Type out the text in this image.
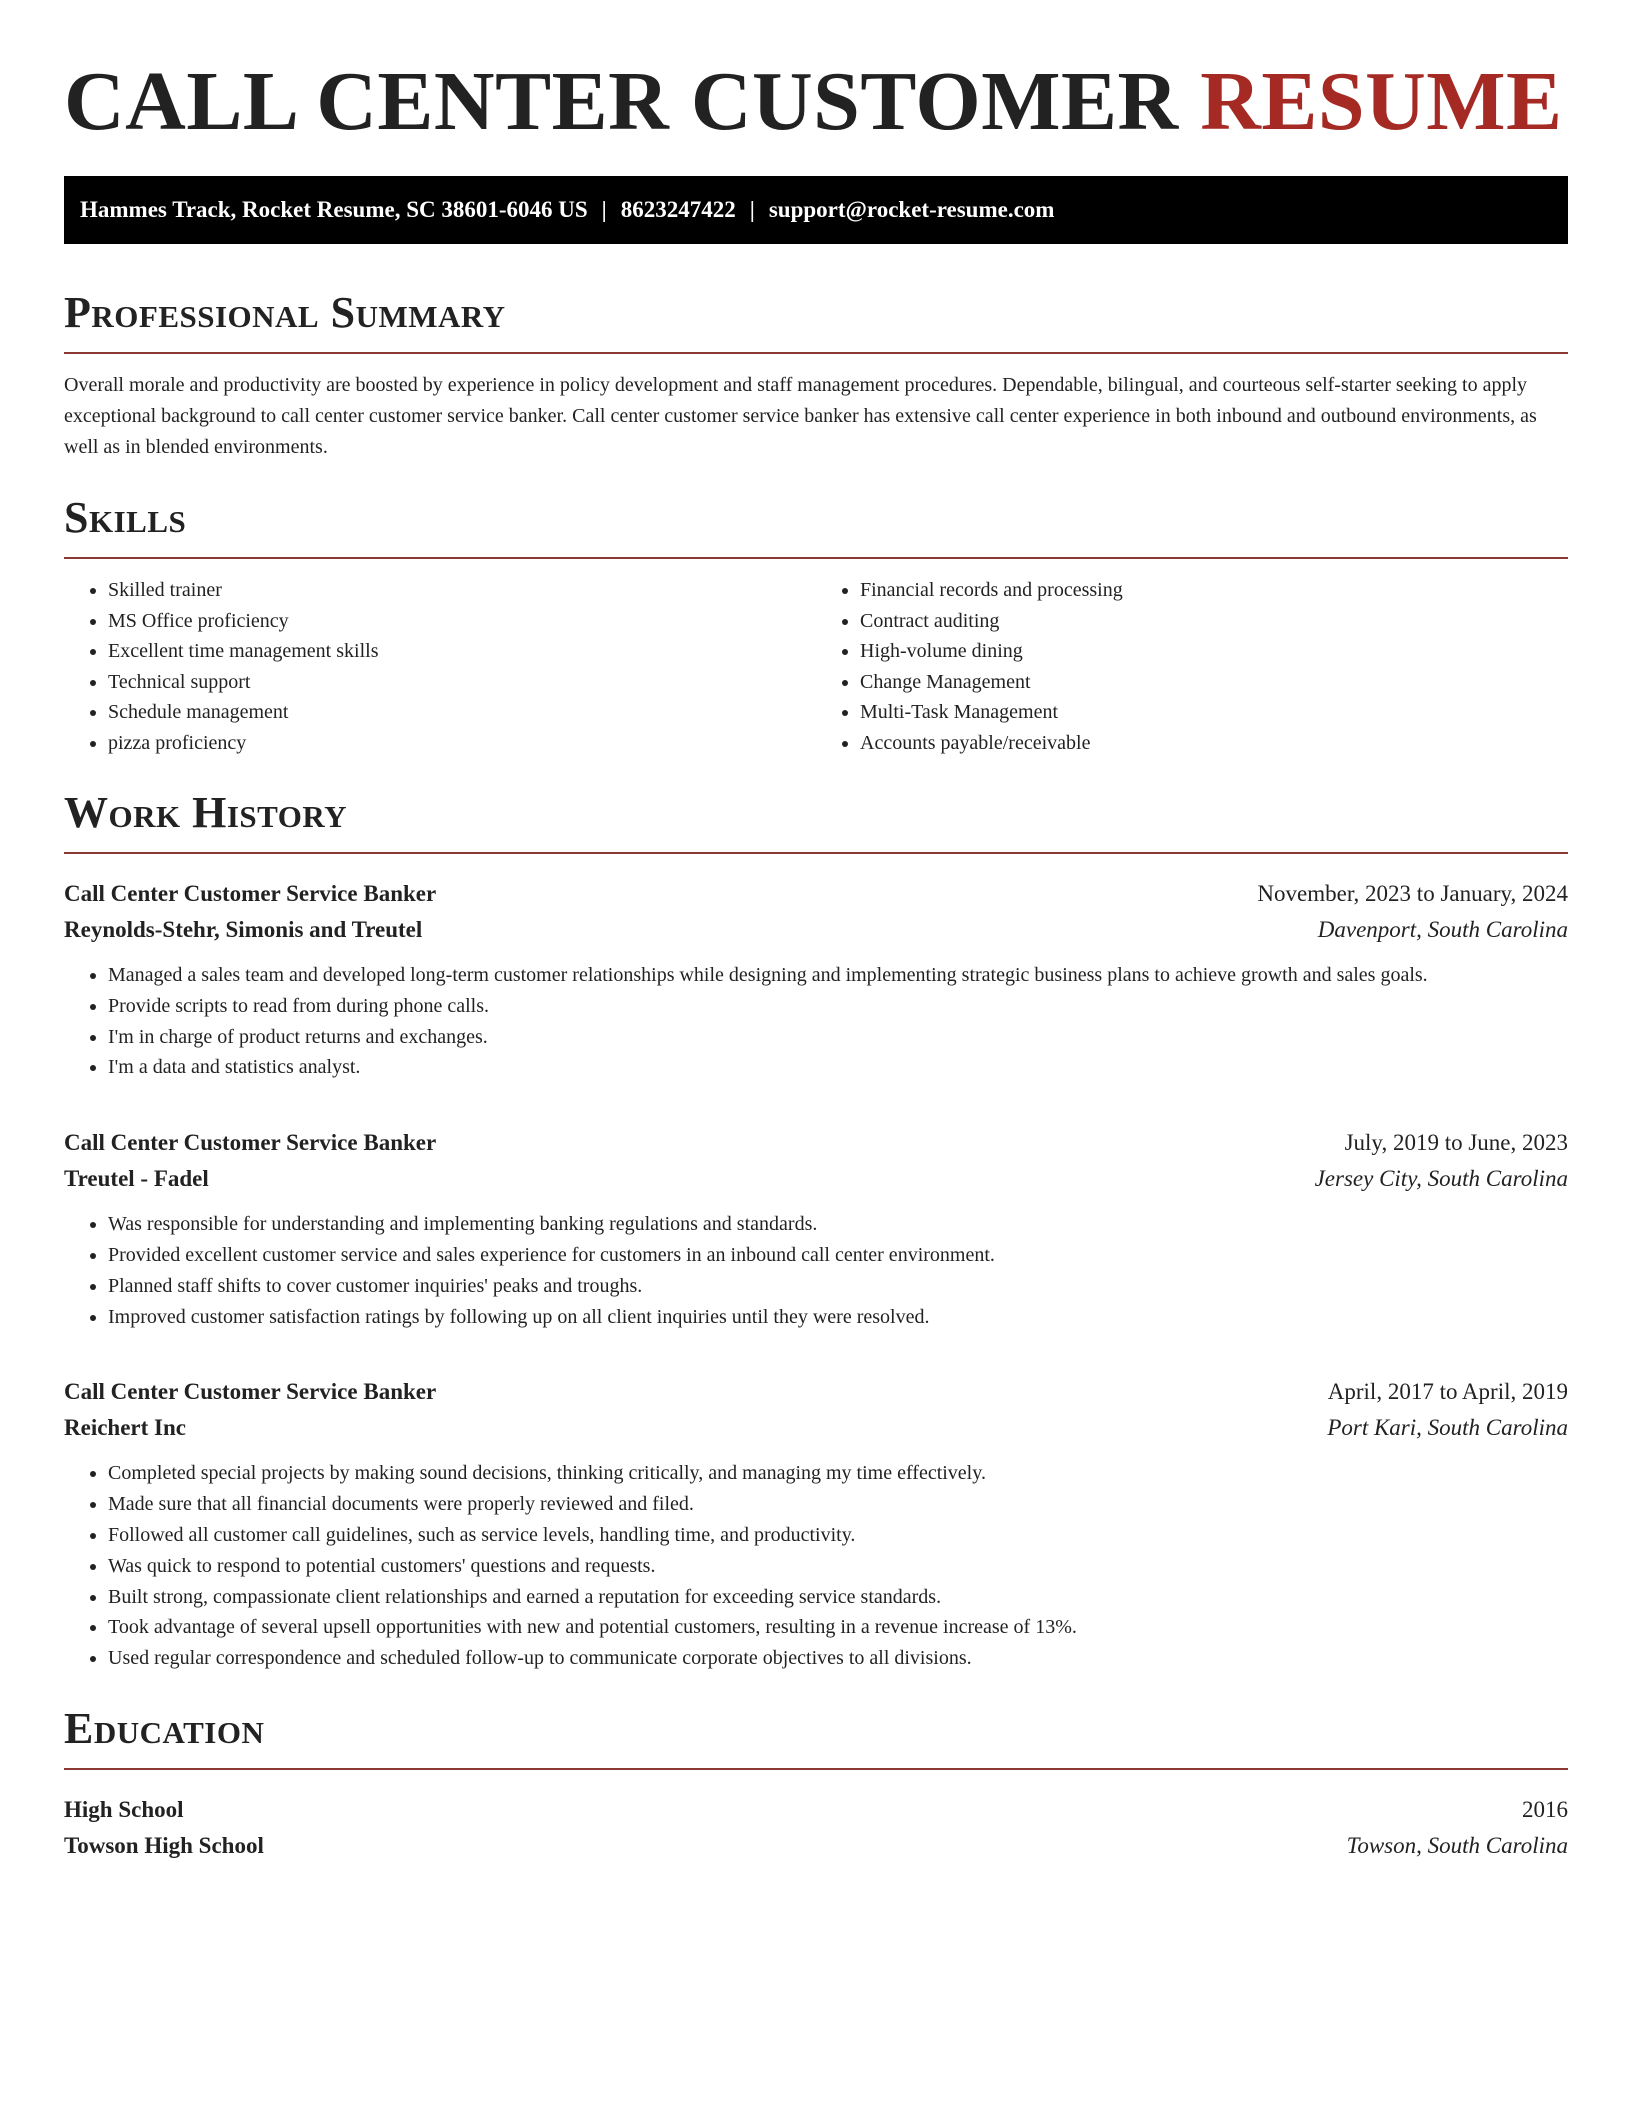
CALL CENTER CUSTOMER RESUME
Hammes Track, Rocket Resume, SC 38601-6046 US | 8623247422 | support@rocket-resume.com
Professional Summary

Overall morale and productivity are boosted by experience in policy development and staff management procedures. Dependable, bilingual, and courteous self-starter seeking to apply exceptional background to call center customer service banker. Call center customer service banker has extensive call center experience in both inbound and outbound environments, as well as in blended environments.

Skills
• Skilled trainer
• MS Office proficiency
• Excellent time management skills
• Technical support
• Schedule management
• pizza proficiency
• Financial records and processing
• Contract auditing
• High-volume dining
• Change Management
• Multi-Task Management
• Accounts payable/receivable
Work History
Call Center Customer Service Banker	November, 2023 to January, 2024
Reynolds-Stehr, Simonis and Treutel	Davenport, South Carolina
• Managed a sales team and developed long-term customer relationships while designing and implementing strategic business plans to achieve growth and sales goals.
• Provide scripts to read from during phone calls.
• I'm in charge of product returns and exchanges.
• I'm a data and statistics analyst.
Call Center Customer Service Banker	July, 2019 to June, 2023
Treutel - Fadel	Jersey City, South Carolina
• Was responsible for understanding and implementing banking regulations and standards.
• Provided excellent customer service and sales experience for customers in an inbound call center environment.
• Planned staff shifts to cover customer inquiries' peaks and troughs.
• Improved customer satisfaction ratings by following up on all client inquiries until they were resolved.
Call Center Customer Service Banker	April, 2017 to April, 2019
Reichert Inc	Port Kari, South Carolina
• Completed special projects by making sound decisions, thinking critically, and managing my time effectively.
• Made sure that all financial documents were properly reviewed and filed.
• Followed all customer call guidelines, such as service levels, handling time, and productivity.
• Was quick to respond to potential customers' questions and requests.
• Built strong, compassionate client relationships and earned a reputation for exceeding service standards.
• Took advantage of several upsell opportunities with new and potential customers, resulting in a revenue increase of 13%.
• Used regular correspondence and scheduled follow-up to communicate corporate objectives to all divisions.
Education
High School	2016
Towson High School	Towson, South Carolina
